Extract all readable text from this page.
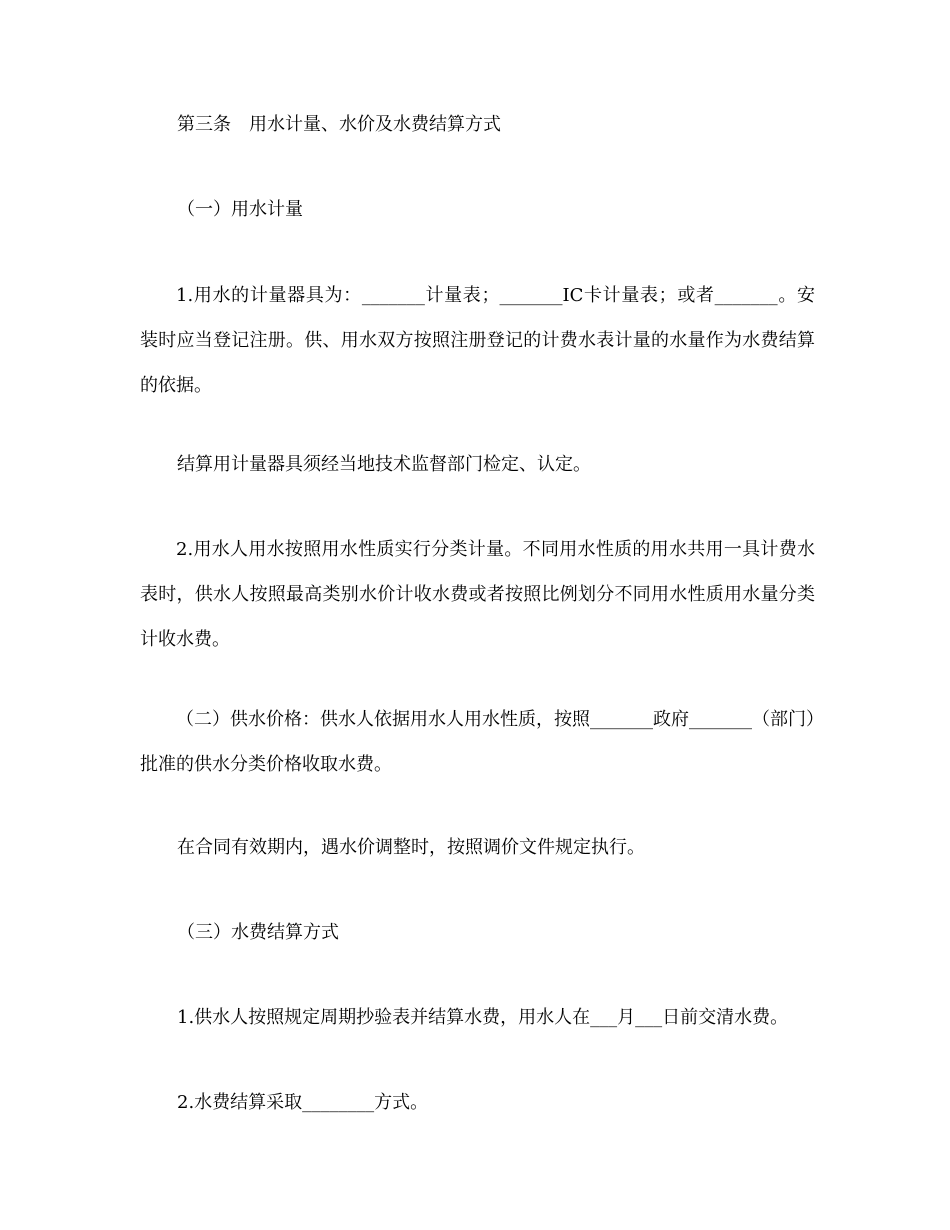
第三条　用水计量、水价及水费结算方式

（一）用水计量

1.用水的计量器具为：_______计量表；_______IC卡计量表；或者_______。安装时应当登记注册。供、用水双方按照注册登记的计费水表计量的水量作为水费结算的依据。

结算用计量器具须经当地技术监督部门检定、认定。

2.用水人用水按照用水性质实行分类计量。不同用水性质的用水共用一具计费水表时，供水人按照最高类别水价计收水费或者按照比例划分不同用水性质用水量分类计收水费。

（二）供水价格：供水人依据用水人用水性质，按照_______政府_______（部门）批准的供水分类价格收取水费。

在合同有效期内，遇水价调整时，按照调价文件规定执行。

（三）水费结算方式

1.供水人按照规定周期抄验表并结算水费，用水人在___月___日前交清水费。

2.水费结算采取________方式。
